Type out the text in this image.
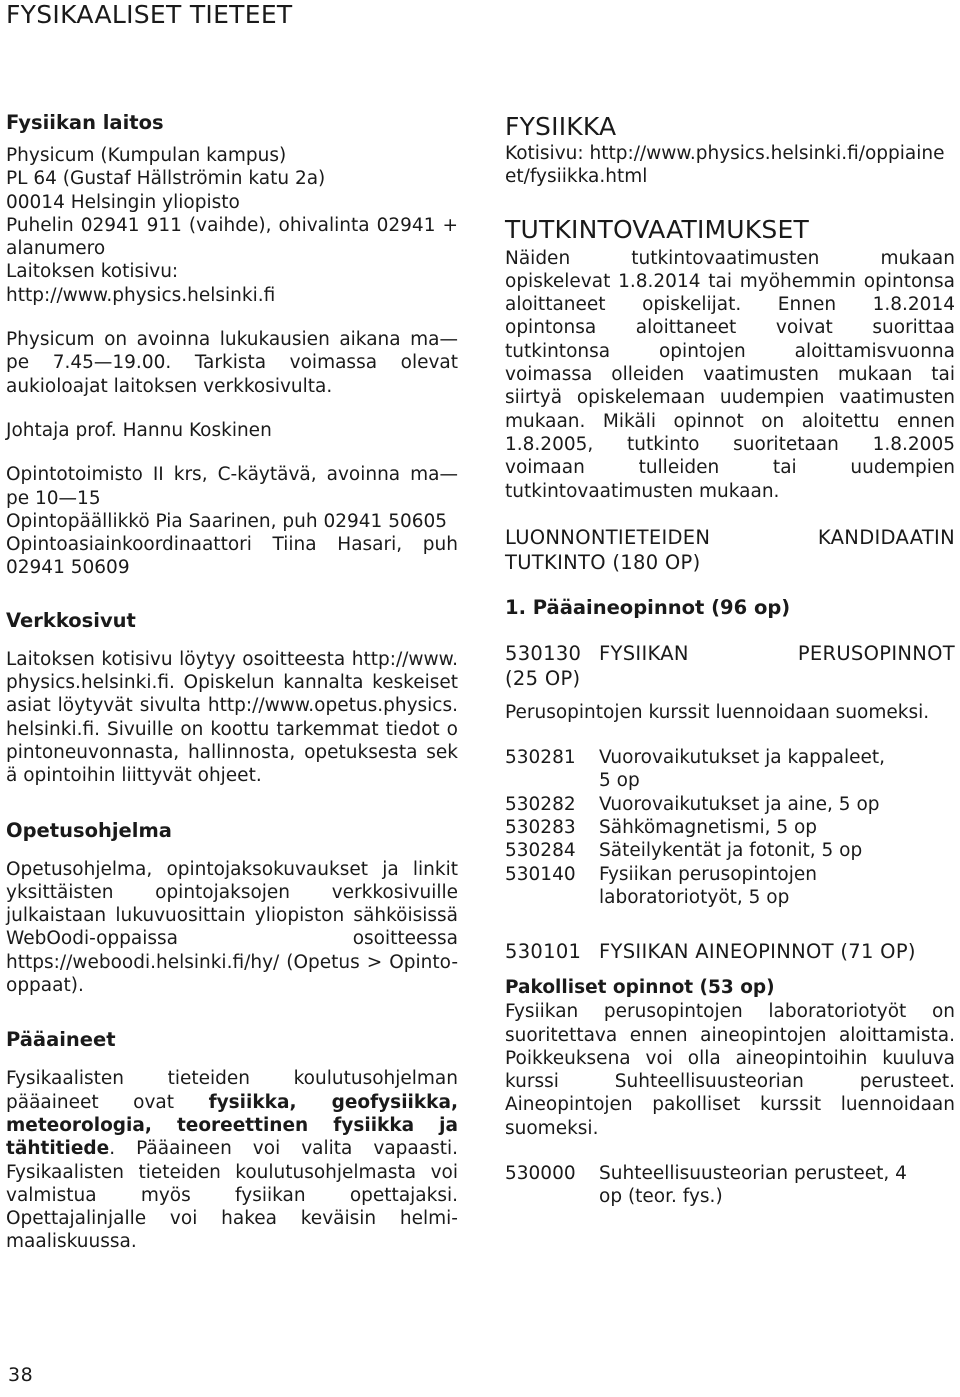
FYSIKAALISET TIETEET
Fysiikan laitos

Physicum (Kumpulan kampus)

PL 64 (Gustaf Hällströmin katu 2a)

00014 Helsingin yliopisto

Puhelin 02941 911 (vaihde), ohivalinta 02941 + alanumero

Laitoksen kotisivu: http://www.physics.helsinki.fi

Physicum on avoinna lukukausien aikana ma—pe 7.45—19.00. Tarkista voimassa olevat aukioloajat laitoksen verkkosivulta.

Johtaja prof. Hannu Koskinen

Opintotoimisto II krs, C-käytävä, avoinna ma—pe 10—15

Opintopäällikkö Pia Saarinen, puh 02941 50605

Opintoasiainkoordinaattori Tiina Hasari, puh 02941 50609

Verkkosivut

Laitoksen kotisivu löytyy osoitteesta http://www.physics.helsinki.fi. Opiskelun kannalta keskeiset asiat löytyvät sivulta http://www.opetus.physics.helsinki.fi. Sivuille on koottu tarkemmat tiedot opintoneuvonnasta, hallinnosta, opetuksesta sekä opintoihin liittyvät ohjeet.

Opetusohjelma

Opetusohjelma, opintojaksokuvaukset ja linkit yksittäisten opintojaksojen verkkosivuille julkaistaan lukuvuosittain yliopiston sähköisissä WebOodi-oppaissa osoitteessa https://weboodi.helsinki.fi/hy/ (Opetus > Opinto-oppaat).

Pääaineet

Fysikaalisten tieteiden koulutusohjelman pääaineet ovat fysiikka, geofysiikka, meteorologia, teoreettinen fysiikka ja tähtitiede. Pääaineen voi valita vapaasti. Fysikaalisten tieteiden koulutusohjelmasta voi valmistua myös fysiikan opettajaksi. Opettajalinjalle voi hakea keväisin helmi-maaliskuussa.

FYSIIKKA

Kotisivu: http://www.physics.helsinki.fi/oppiaineet/fysiikka.html

TUTKINTOVAATIMUKSET

Näiden tutkintovaatimusten mukaan opiskelevat 1.8.2014 tai myöhemmin opintonsa aloittaneet opiskelijat. Ennen 1.8.2014 opintonsa aloittaneet voivat suorittaa tutkintonsa opintojen aloittamisvuonna voimassa olleiden vaatimusten mukaan tai siirtyä opiskelemaan uudempien vaatimusten mukaan. Mikäli opinnot on aloitettu ennen 1.8.2005, tutkinto suoritetaan 1.8.2005 voimaan tulleiden tai uudempien tutkintovaatimusten mukaan.

LUONNONTIETEIDEN	KANDIDAATIN
TUTKINTO (180 OP)
1. Pääaineopinnot (96 op)
530130 FYSIIKAN	PERUSOPINNOT
(25 OP)

Perusopintojen kurssit luennoidaan suomeksi.

530281	Vuorovaikutukset ja kappaleet, 5 op
530282	Vuorovaikutukset ja aine, 5 op
530283	Sähkömagnetismi, 5 op
530284	Säteilykentät ja fotonit, 5 op
530140	Fysiikan perusopintojen laboratoriotyöt, 5 op
530101 FYSIIKAN AINEOPINNOT (71 OP)
Pakolliset opinnot (53 op)

Fysiikan perusopintojen laboratoriotyöt on suoritettava ennen aineopintojen aloittamista. Poikkeuksena voi olla aineopintoihin kuuluva kurssi Suhteellisuusteorian perusteet. Aineopintojen pakolliset kurssit luennoidaan suomeksi.

530000	Suhteellisuusteorian perusteet, 4 op (teor. fys.)
38
